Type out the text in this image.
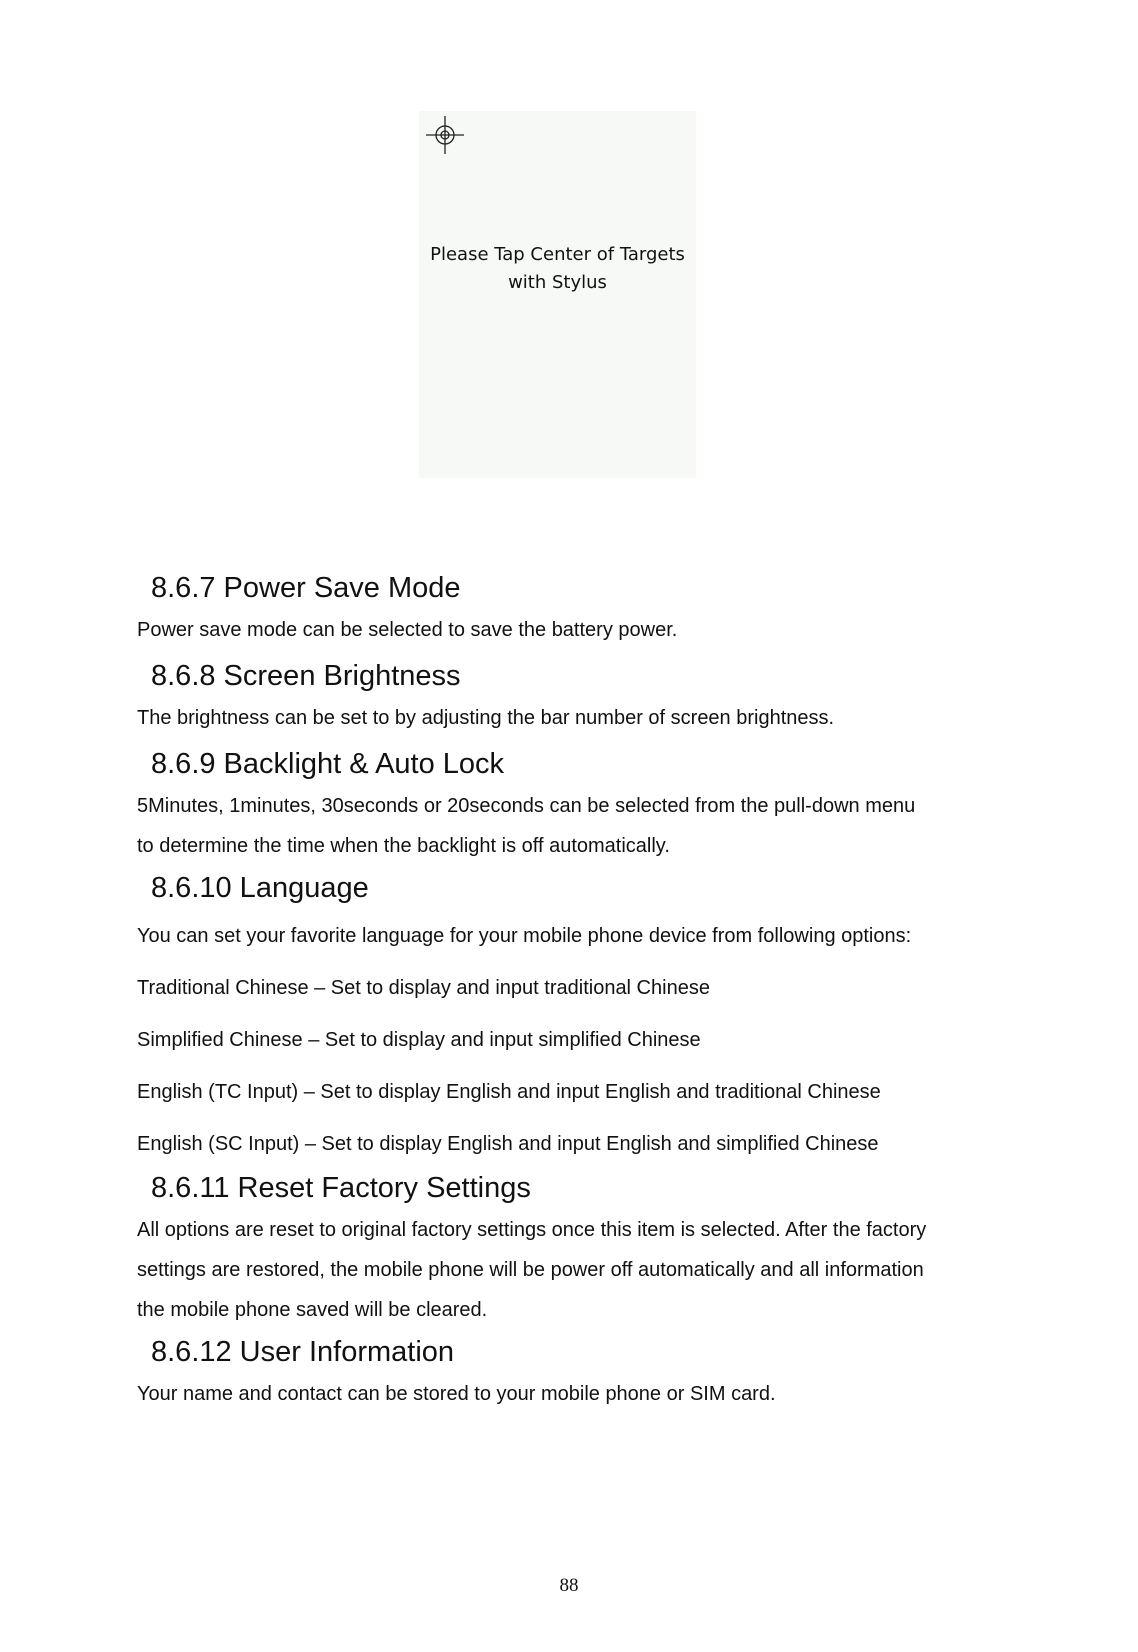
Please Tap Center of Targets
with Stylus
8.6.7 Power Save Mode

Power save mode can be selected to save the battery power.

8.6.8 Screen Brightness

The brightness can be set to by adjusting the bar number of screen brightness.

8.6.9 Backlight & Auto Lock

5Minutes, 1minutes, 30seconds or 20seconds can be selected from the pull-down menu

to determine the time when the backlight is off automatically.

8.6.10 Language

You can set your favorite language for your mobile phone device from following options:

Traditional Chinese – Set to display and input traditional Chinese

Simplified Chinese – Set to display and input simplified Chinese

English (TC Input) – Set to display English and input English and traditional Chinese

English (SC Input) – Set to display English and input English and simplified Chinese

8.6.11 Reset Factory Settings

All options are reset to original factory settings once this item is selected. After the factory

settings are restored, the mobile phone will be power off automatically and all information

the mobile phone saved will be cleared.

8.6.12 User Information

Your name and contact can be stored to your mobile phone or SIM card.

88
